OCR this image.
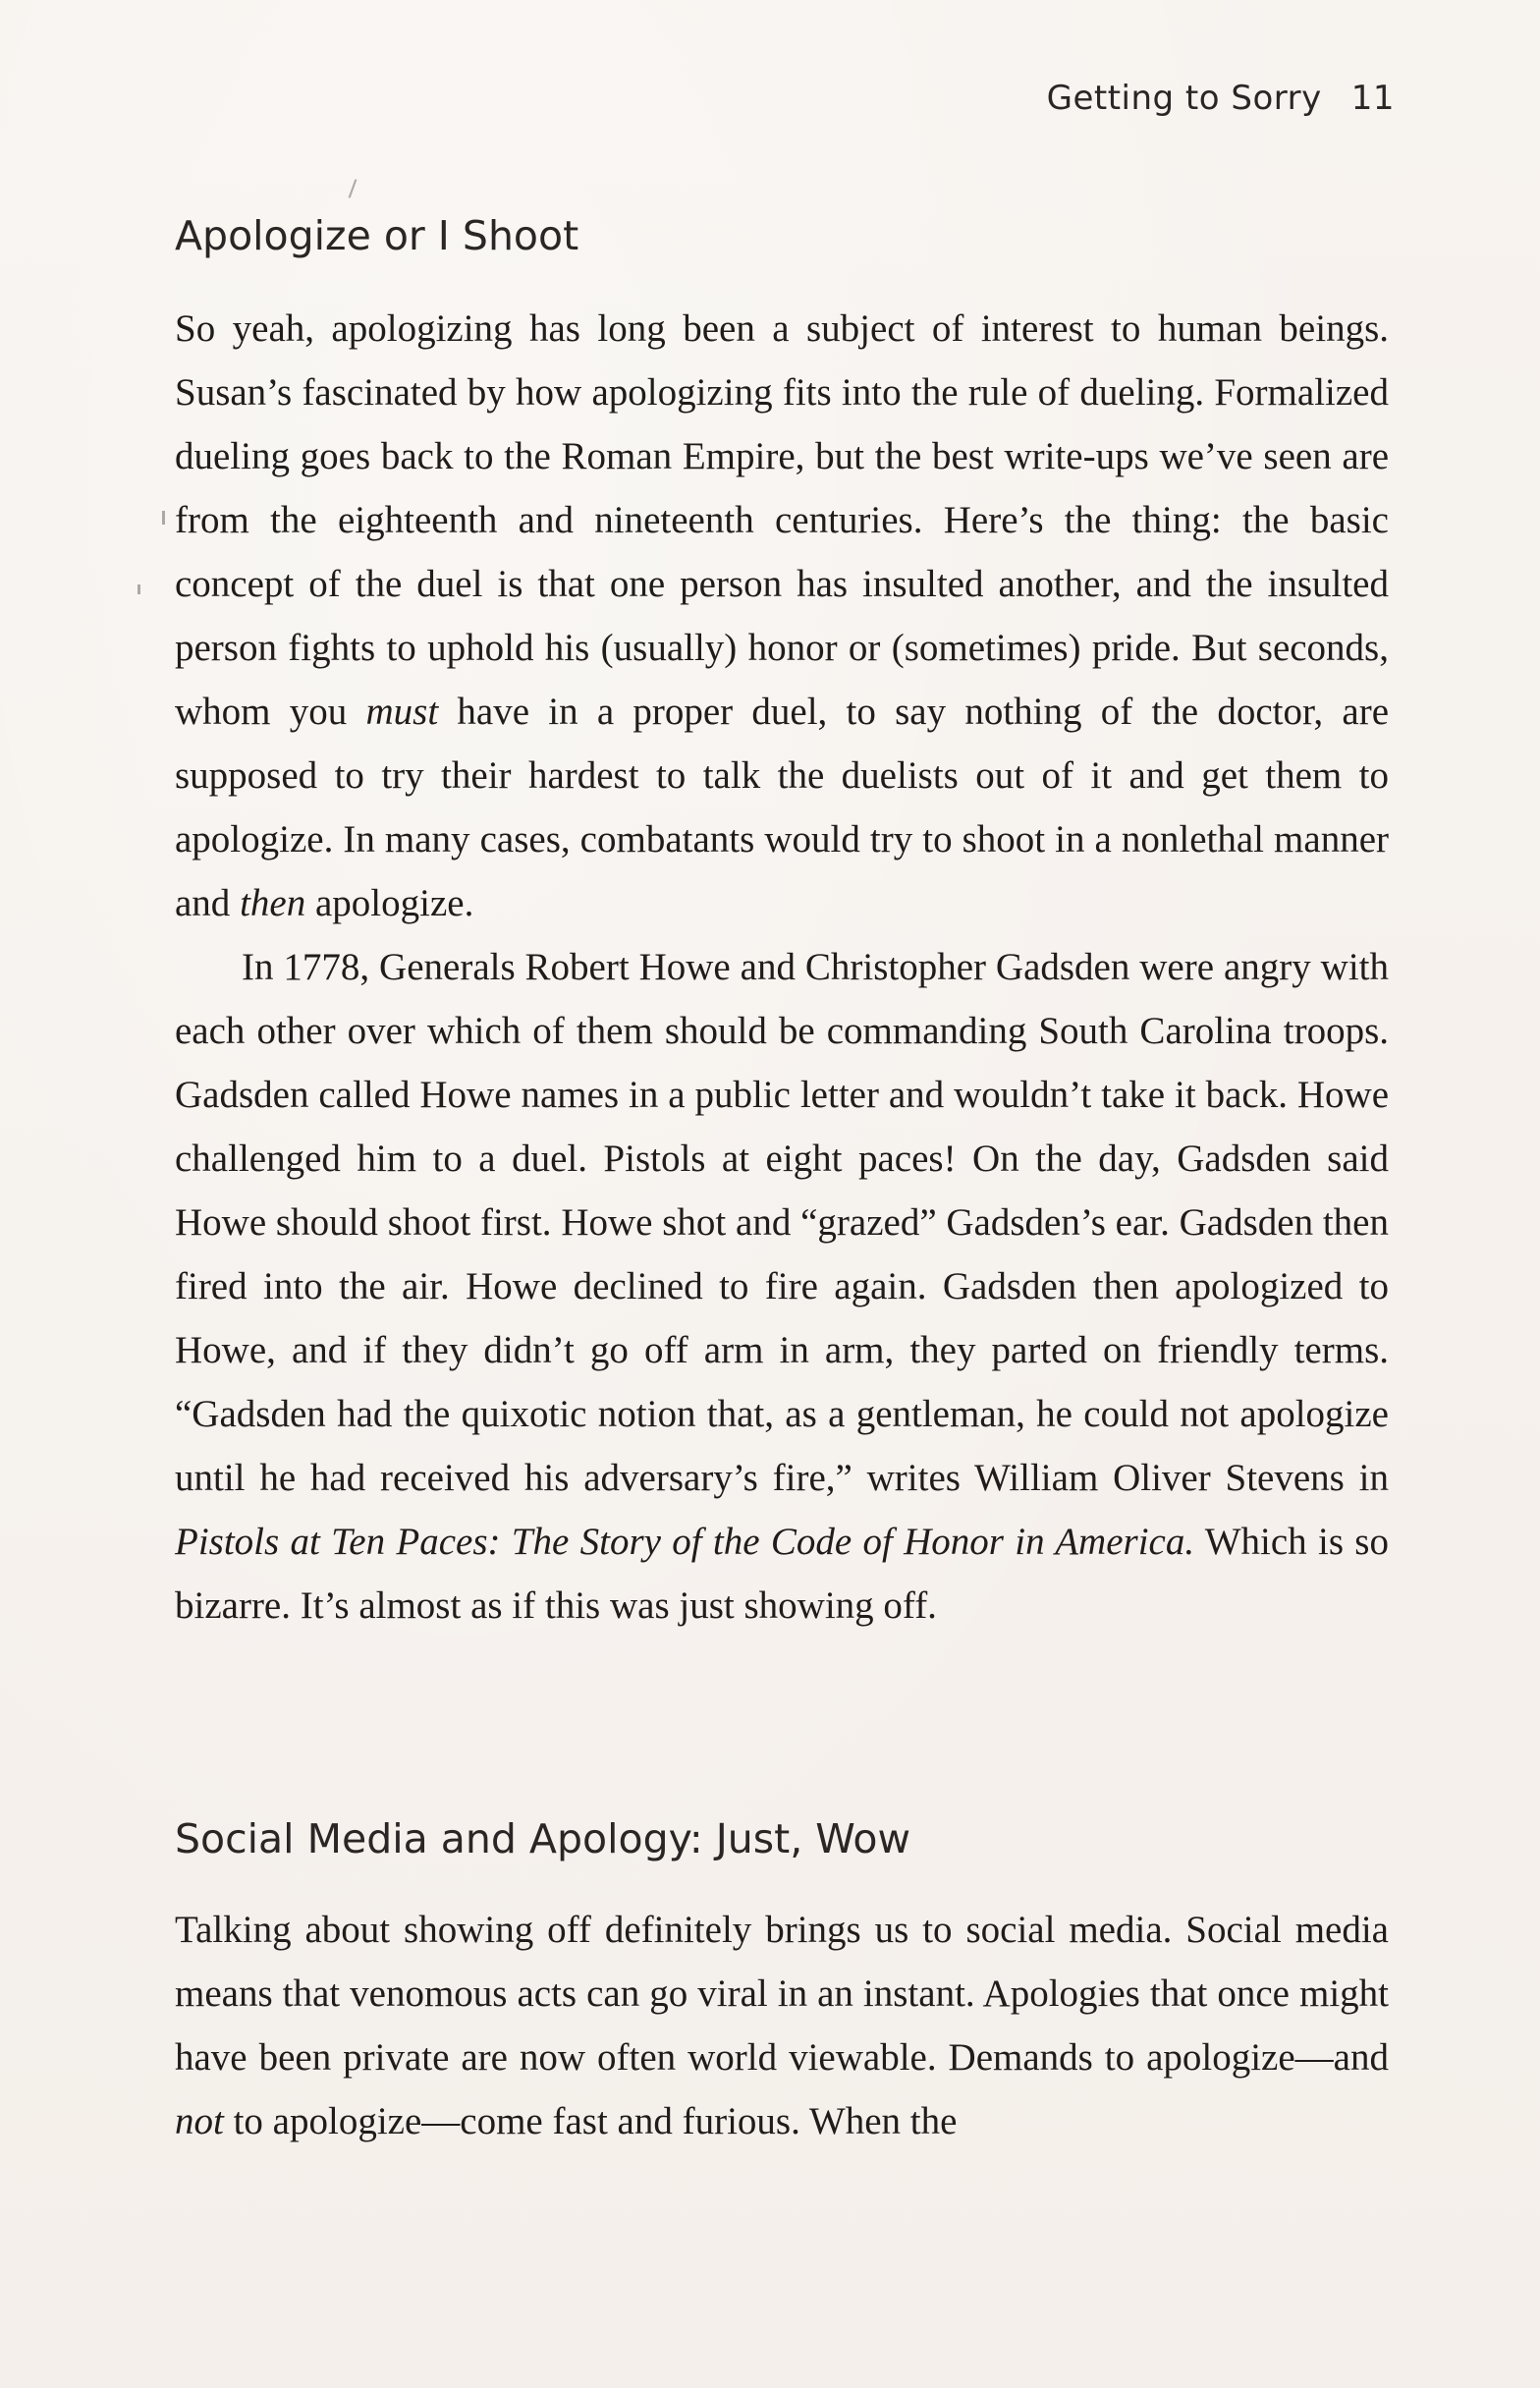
Getting to Sorry 11
Apologize or I Shoot

So yeah, apologizing has long been a subject of interest to human beings. Susan’s fascinated by how apologizing fits into the rule of dueling. Formalized dueling goes back to the Roman Empire, but the best write-ups we’ve seen are from the eighteenth and nineteenth centuries. Here’s the thing: the basic concept of the duel is that one person has insulted another, and the insulted person fights to uphold his (usually) honor or (sometimes) pride. But seconds, whom you must have in a proper duel, to say nothing of the doctor, are supposed to try their hardest to talk the duelists out of it and get them to apologize. In many cases, combatants would try to shoot in a nonlethal manner and then apologize.

In 1778, Generals Robert Howe and Christopher Gadsden were angry with each other over which of them should be commanding South Carolina troops. Gadsden called Howe names in a public letter and wouldn’t take it back. Howe challenged him to a duel. Pistols at eight paces! On the day, Gadsden said Howe should shoot first. Howe shot and “grazed” Gadsden’s ear. Gadsden then fired into the air. Howe declined to fire again. Gadsden then apologized to Howe, and if they didn’t go off arm in arm, they parted on friendly terms. “Gadsden had the quixotic notion that, as a gentleman, he could not apologize until he had received his adversary’s fire,” writes William Oliver Stevens in Pistols at Ten Paces: The Story of the Code of Honor in America. Which is so bizarre. It’s almost as if this was just showing off.

Social Media and Apology: Just, Wow

Talking about showing off definitely brings us to social media. Social media means that venomous acts can go viral in an instant. Apologies that once might have been private are now often world viewable. Demands to apologize—and not to apologize—come fast and furious. When the
